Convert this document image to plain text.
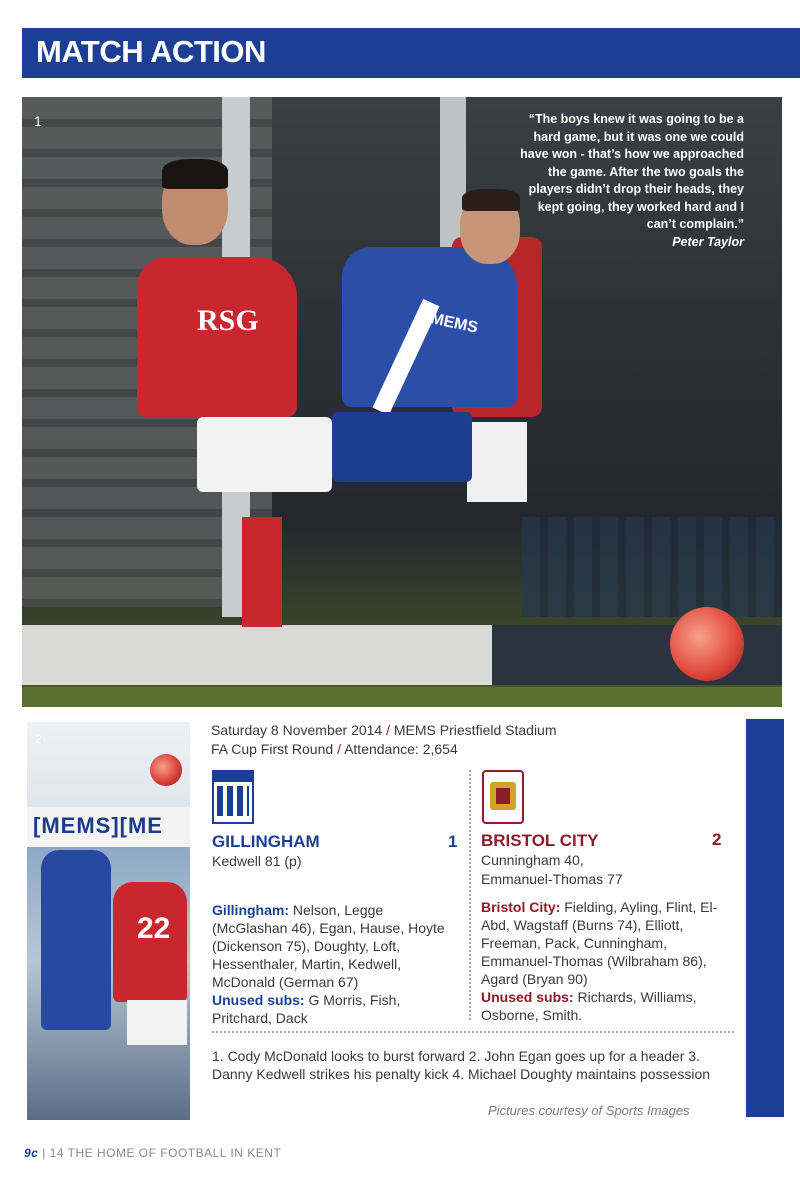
MATCH ACTION
RSG	MEMS
1	“The boys knew it was going to be a hard game, but it was one we could have won - that’s how we approached the game. After the two goals the players didn’t drop their heads, they kept going, they worked hard and I can’t complain.”
Peter Taylor
[MEMS][ME
22
2
Saturday 8 November 2014 / MEMS Priestfield Stadium
FA Cup First Round / Attendance: 2,654
GILLINGHAM	1
Kedwell 81 (p)
BRISTOL CITY	2
Cunningham 40,
Emmanuel-Thomas 77
Gillingham: Nelson, Legge (McGlashan 46), Egan, Hause, Hoyte (Dickenson 75), Doughty, Loft, Hessenthaler, Martin, Kedwell, McDonald (German 67)
Unused subs: G Morris, Fish, Pritchard, Dack
Bristol City: Fielding, Ayling, Flint, El-Abd, Wagstaff (Burns 74), Elliott, Freeman, Pack, Cunningham, Emmanuel-Thomas (Wilbraham 86), Agard (Bryan 90)
Unused subs: Richards, Williams, Osborne, Smith.
1. Cody McDonald looks to burst forward 2. John Egan goes up for a header 3. Danny Kedwell strikes his penalty kick 4. Michael Doughty maintains possession
Pictures courtesy of Sports Images
9c | 14 THE HOME OF FOOTBALL IN KENT
